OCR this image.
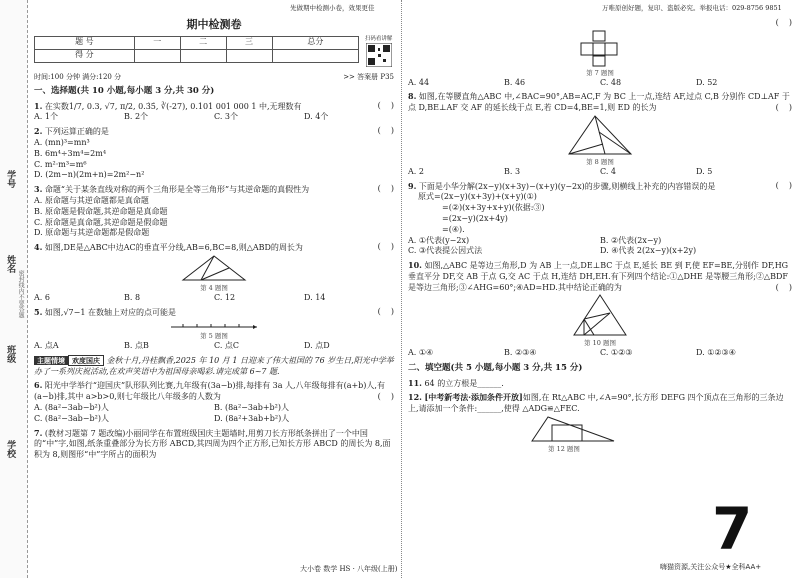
学号
姓名
班级
学校
密封线内不要答题
先做期中检测小卷，效果更佳	万唯原创好题，复印、盗版必究。举报电话：029-8756 9851
期中检测卷
题 号	一	二	三	总分
得 分				
扫码看讲解
时间:100 分钟 满分:120 分	>> 答案册 P35
一、选择题(共 10 小题,每小题 3 分,共 30 分)
1. 在实数1/7, 0.3, √7, π/2, 0.3̇5̇, ∛(-27), 0.101 001 000 1 中,无理数有	(    )
A. 1个	B. 2个	C. 3个	D. 4个
2. 下列运算正确的是	(    )
A. (mn)³=mn³
B. 6m⁴÷3m⁴=2m⁴
C. m²·m³=m⁶
D. (2m−n)(2m+n)=2m²−n²
3. 命题“关于某条直线对称的两个三角形是全等三角形”与其逆命题的真假性为	(    )
A. 原命题与其逆命题都是真命题
B. 原命题是假命题,其逆命题是真命题
C. 原命题是真命题,其逆命题是假命题
D. 原命题与其逆命题都是假命题
4. 如图,DE是△ABC中边AC的垂直平分线,AB=6,BC=8,则△ABD的周长为	(    )
第 4 题图
A. 6	B. 8	C. 12	D. 14
5. 如图,√7−1 在数轴上对应的点可能是	(    )
第 5 题图
A. 点A	B. 点B	C. 点C	D. 点D
主题情境 欢度国庆 金秋十月,丹桂飘香,2025 年 10 月 1 日迎来了伟大祖国的 76 岁生日,阳光中学举办了一系列庆祝活动,在欢声笑语中为祖国母亲喝彩.请完成第 6~7 题.
6. 阳光中学举行“迎国庆”队形队列比赛,九年级有(3a−b)排,每排有 3a 人,八年级每排有(a+b)人,有(a−b)排,其中 a>b>0,则七年级比八年级多的人数为	(    )
A. (8a²−3ab−b²)人	B. (8a²−3ab+b²)人
C. (8a²−3ab−b²)人	D. (8a²+3ab+b²)人
7. (教材习题第 7 题改编)小丽同学在布置班级国庆主题墙时,用剪刀长方形纸条拼出了一个中国的“中”字,如图,纸条重叠部分为长方形 ABCD,其四周为四个正方形,已知长方形 ABCD 的周长为 8,面积为 8,则图形“中”字所占的面积为
大小卷 数学 HS · 八年级(上册)
(    )
第 7 题图
A. 44	B. 46	C. 48	D. 52
8. 如图,在等腰直角△ABC 中,∠BAC=90°,AB=AC,F 为 BC 上一点,连结 AF,过点 C,B 分别作 CD⊥AF 于点 D,BE⊥AF 交 AF 的延长线于点 E,若 CD=4,BE=1,则 ED 的长为	(    )
第 8 题图
A. 2	B. 3	C. 4	D. 5
9. 下面是小华分解(2x−y)(x+3y)−(x+y)(y−2x)的步骤,则横线上补充的内容错误的是	(    )
原式=(2x−y)(x+3y)+(x+y)(①)
=(②)(x+3y+x+y)(依据:③)
=(2x−y)(2x+4y)
=(④).
A. ①代表(y−2x)	B. ②代表(2x−y)
C. ③代表提公因式法	D. ④代表 2(2x−y)(x+2y)
10. 如图,△ABC 是等边三角形,D 为 AB 上一点,DE⊥BC 于点 E,延长 BE 到 F,使 EF=BE,分别作 DF,HG 垂直平分 DF,交 AB 于点 G,交 AC 于点 H,连结 DH,EH.有下列四个结论:①△DHE 是等腰三角形;②△BDF 是等边三角形;③∠AHG=60°;④AD=HD.其中结论正确的为	(    )
第 10 题图
A. ①④	B. ②③④	C. ①②③	D. ①②③④
二、填空题(共 5 小题,每小题 3 分,共 15 分)
11. 64 的立方根是______.
12. [中考新考法·添加条件开放]如图,在 Rt△ABC 中,∠A=90°,长方形 DEFG 四个顶点在三角形的三条边上,请添加一个条件:______,使得 △ADG≌△FEC.
第 12 题图
7
嗨猫资源,关注公众号★全科AA+
